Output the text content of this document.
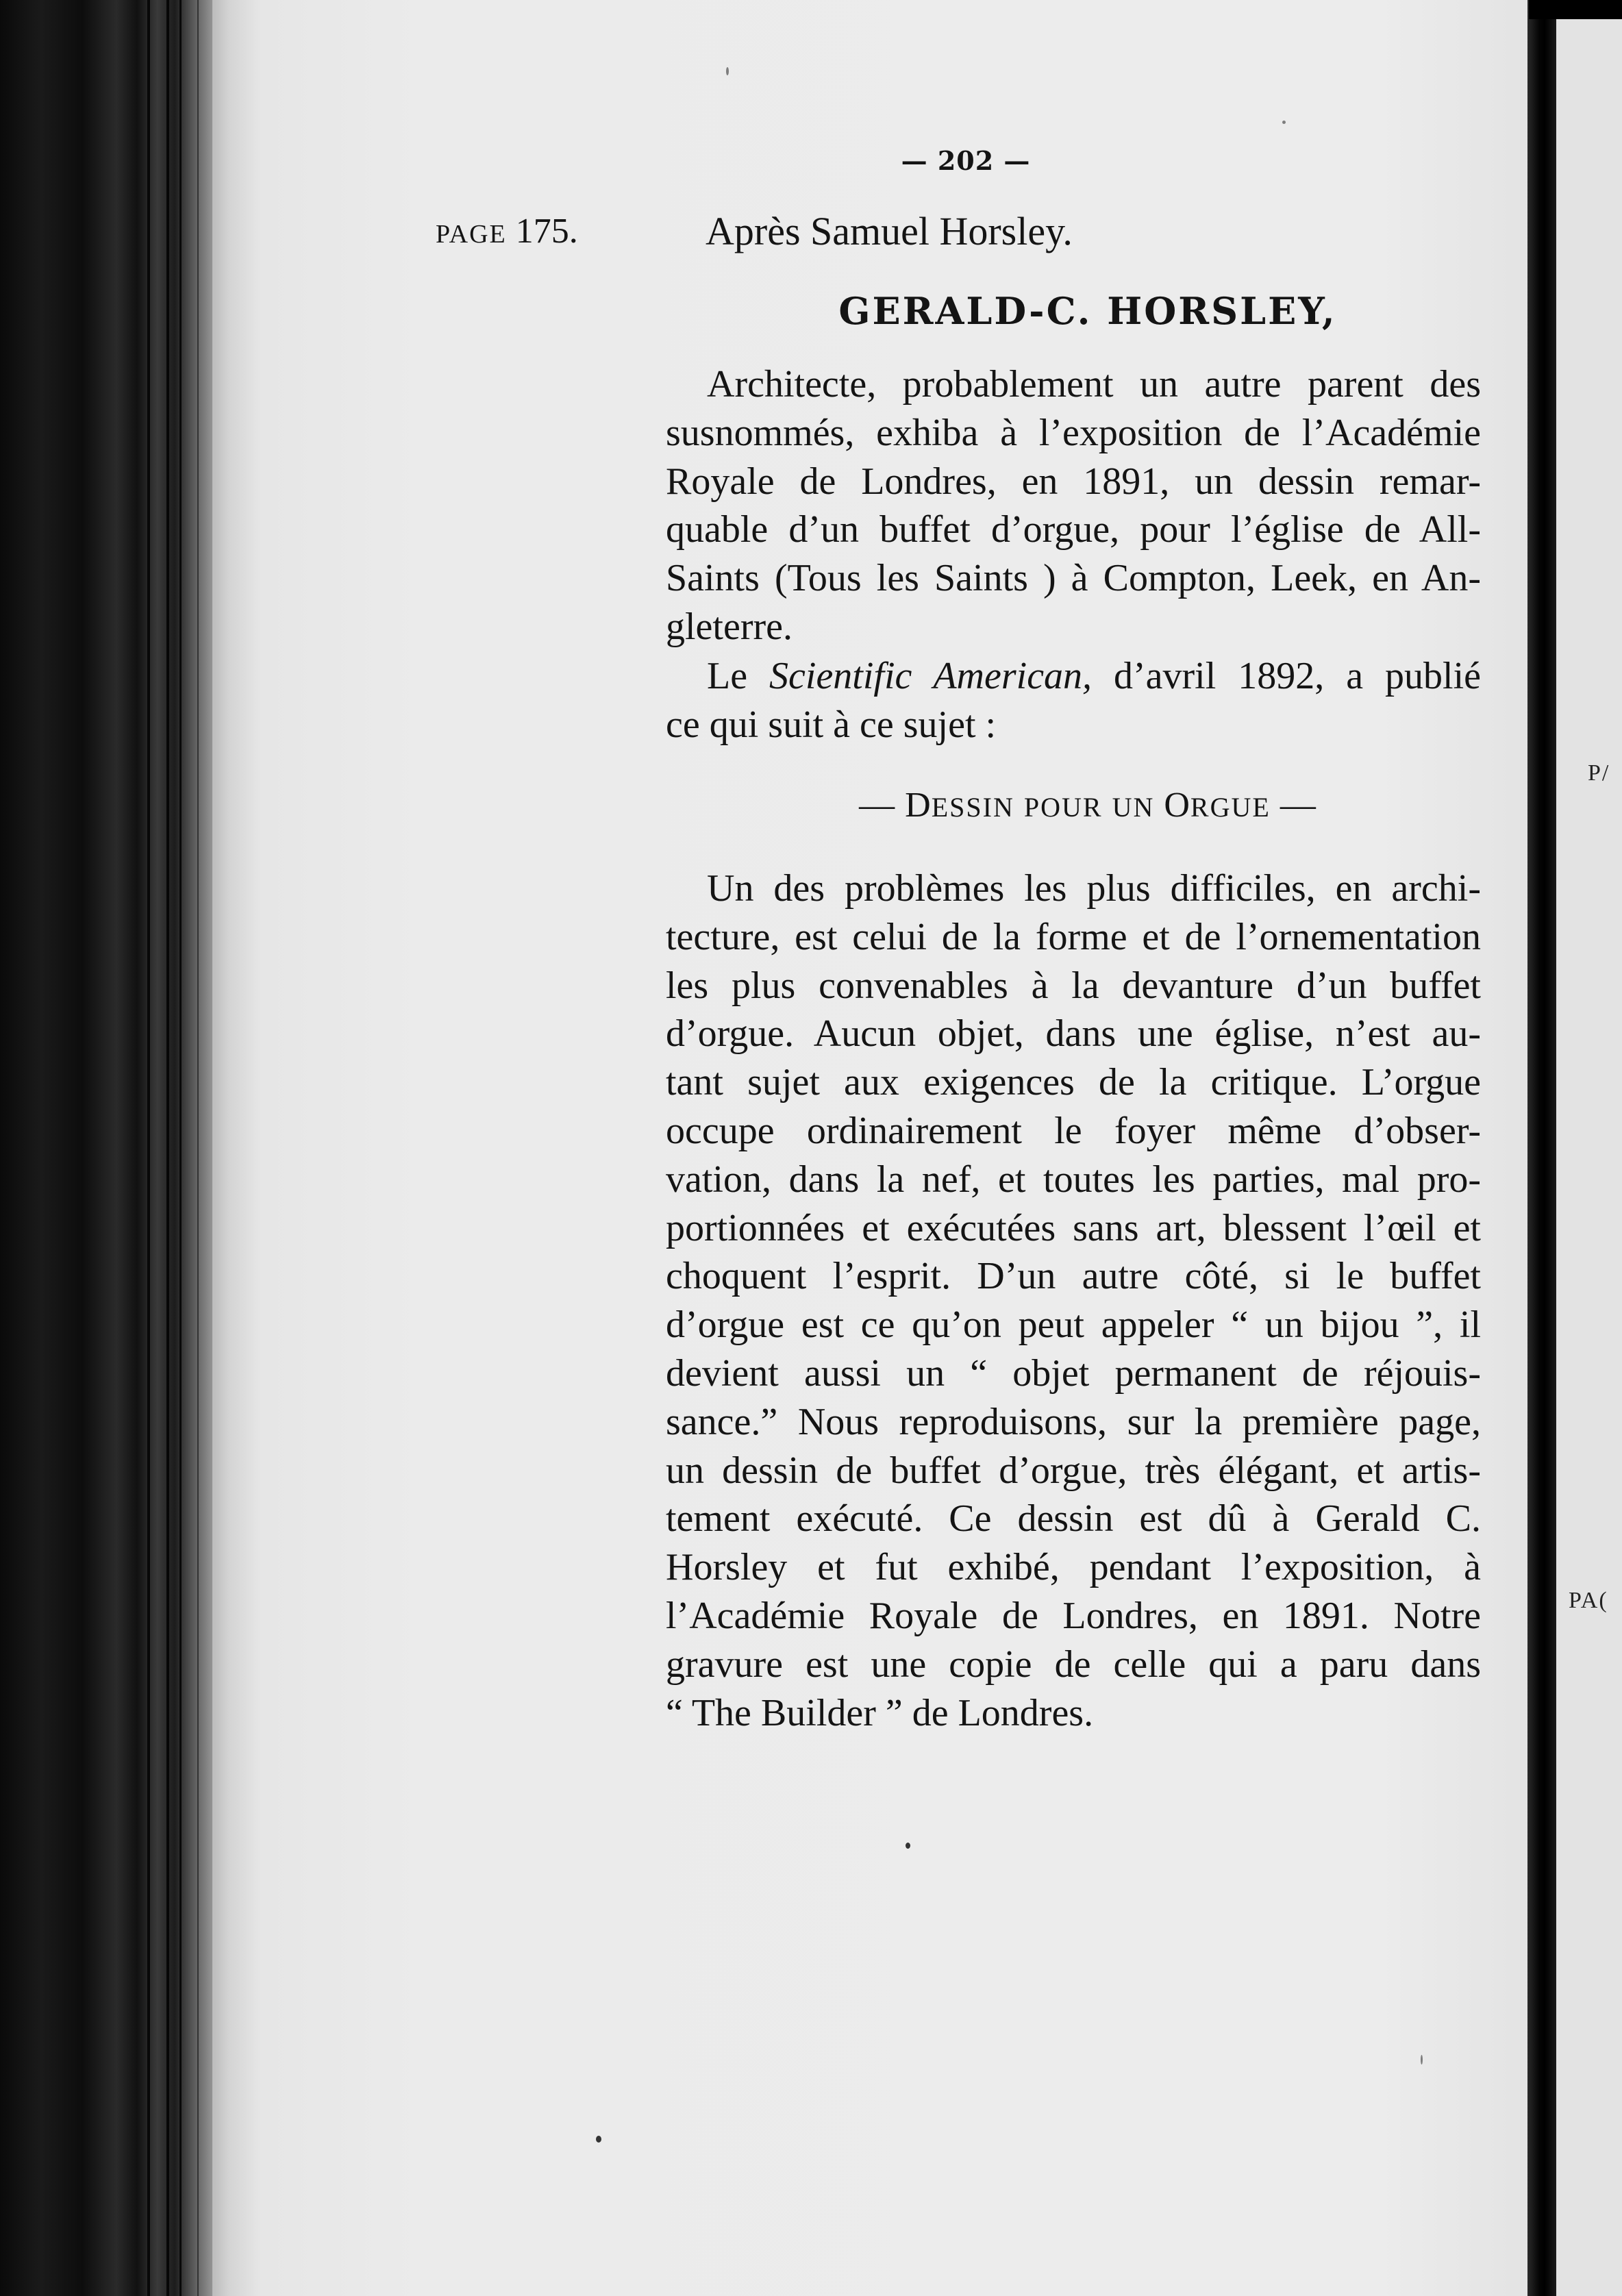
— 202 —
PAGE 175.	Après Samuel Horsley.
GERALD-C. HORSLEY,
Architecte, probablement un autre parent des
susnommés, exhiba à l’exposition de l’Académie
Royale de Londres, en 1891, un dessin remar-
quable d’un buffet d’orgue, pour l’église de All-
Saints (Tous les Saints ) à Compton, Leek, en An-
gleterre.
Le Scientific American, d’avril 1892, a publié
ce qui suit à ce sujet :
— DESSIN POUR UN ORGUE —
Un des problèmes les plus difficiles, en archi-
tecture, est celui de la forme et de l’ornementation
les plus convenables à la devanture d’un buffet
d’orgue. Aucun objet, dans une église, n’est au-
tant sujet aux exigences de la critique. L’orgue
occupe ordinairement le foyer même d’obser-
vation, dans la nef, et toutes les parties, mal pro-
portionnées et exécutées sans art, blessent l’œil et
choquent l’esprit. D’un autre côté, si le buffet
d’orgue est ce qu’on peut appeler “ un bijou ”, il
devient aussi un “ objet permanent de réjouis-
sance.” Nous reproduisons, sur la première page,
un dessin de buffet d’orgue, très élégant, et artis-
tement exécuté. Ce dessin est dû à Gerald C.
Horsley et fut exhibé, pendant l’exposition, à
l’Académie Royale de Londres, en 1891. Notre
gravure est une copie de celle qui a paru dans
“ The Builder ” de Londres.
P/
PA(
